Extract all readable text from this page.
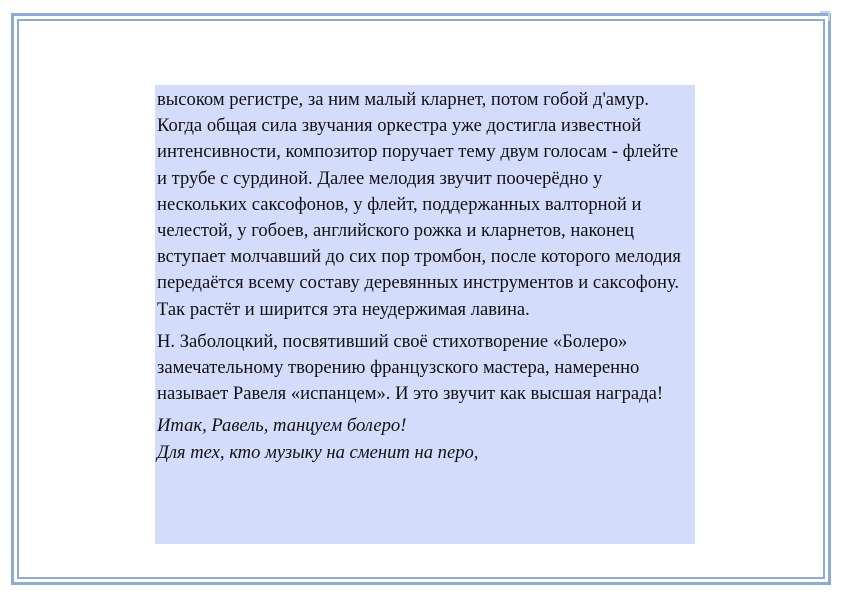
высоком регистре, за ним малый кларнет, потом гобой д'амур. Когда общая сила звучания оркестра уже достигла известной интенсивности, композитор поручает тему двум голосам - флейте и трубе с сурдиной. Далее мелодия звучит поочерёдно у нескольких саксофонов, у флейт, поддержанных валторной и челестой, у гобоев, английского рожка и кларнетов, наконец вступает молчавший до сих пор тромбон, после которого мелодия передаётся всему составу деревянных инструментов и саксофону. Так растёт и ширится эта неудержимая лавина.

Н. Заболоцкий, посвятивший своё стихотворение «Болеро» замечательному творению французского мастера, намеренно называет Равеля «испанцем». И это звучит как высшая награда!

Итак, Равель, танцуем болеро!
Для тех, кто музыку на сменит на перо,
